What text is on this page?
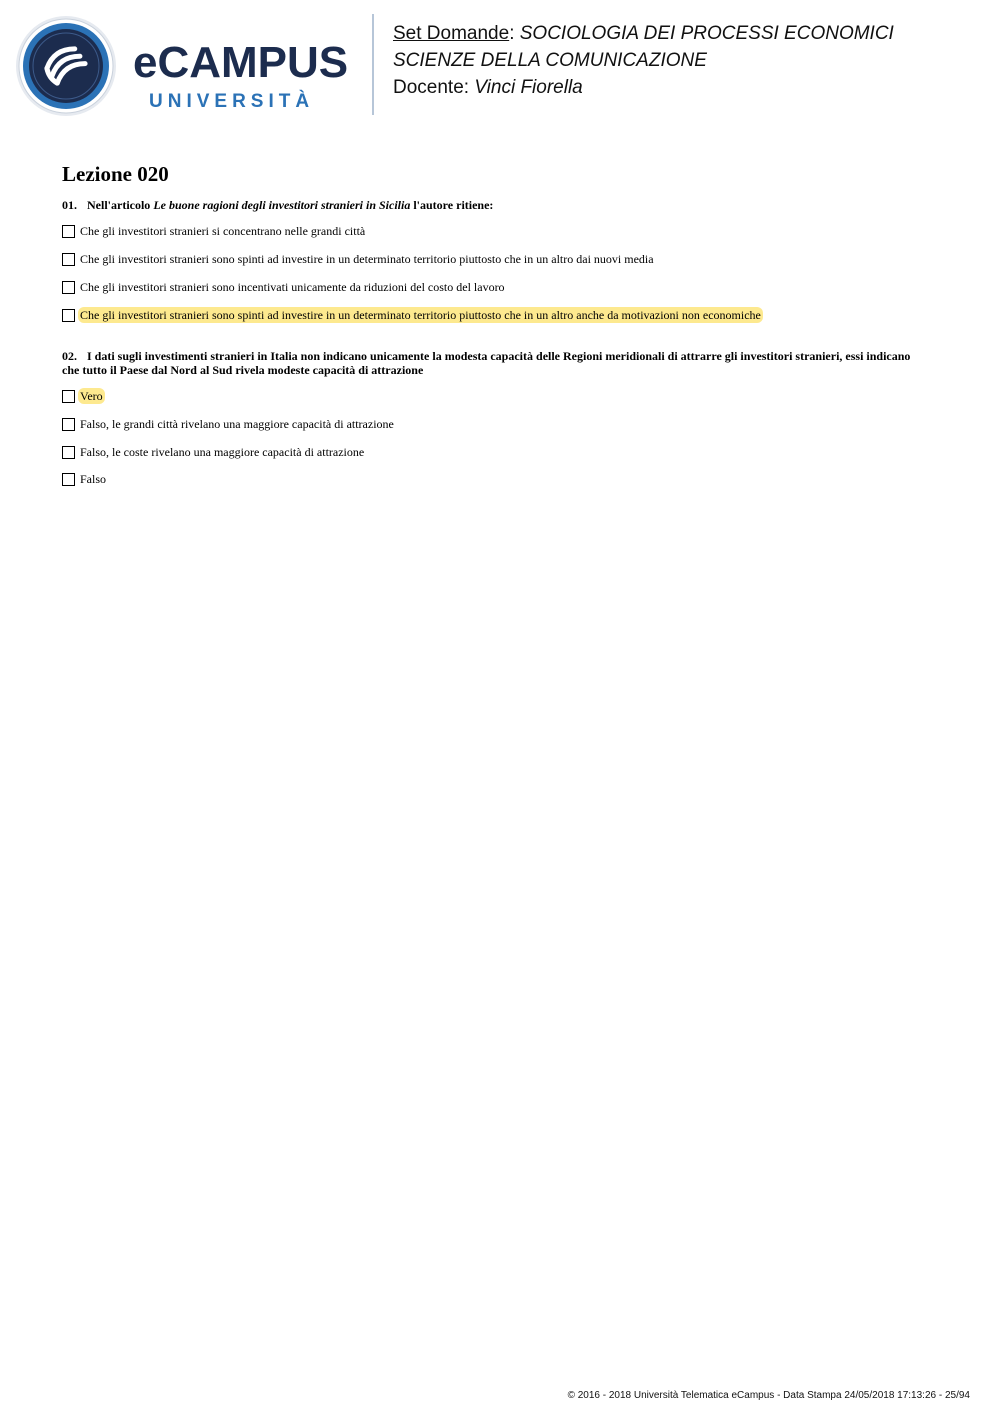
eCAMPUS
UNIVERSITÀ
Set Domande: SOCIOLOGIA DEI PROCESSI ECONOMICI
SCIENZE DELLA COMUNICAZIONE
Docente: Vinci Fiorella
Lezione 020
01. Nell'articolo Le buone ragioni degli investitori stranieri in Sicilia l'autore ritiene:
Che gli investitori stranieri si concentrano nelle grandi città
Che gli investitori stranieri sono spinti ad investire in un determinato territorio piuttosto che in un altro dai nuovi media
Che gli investitori stranieri sono incentivati unicamente da riduzioni del costo del lavoro
Che gli investitori stranieri sono spinti ad investire in un determinato territorio piuttosto che in un altro anche da motivazioni non economiche
02. I dati sugli investimenti stranieri in Italia non indicano unicamente la modesta capacità delle Regioni meridionali di attrarre gli investitori stranieri, essi indicano che tutto il Paese dal Nord al Sud rivela modeste capacità di attrazione
Vero
Falso, le grandi città rivelano una maggiore capacità di attrazione
Falso, le coste rivelano una maggiore capacità di attrazione
Falso
© 2016 - 2018 Università Telematica eCampus - Data Stampa 24/05/2018 17:13:26 - 25/94
